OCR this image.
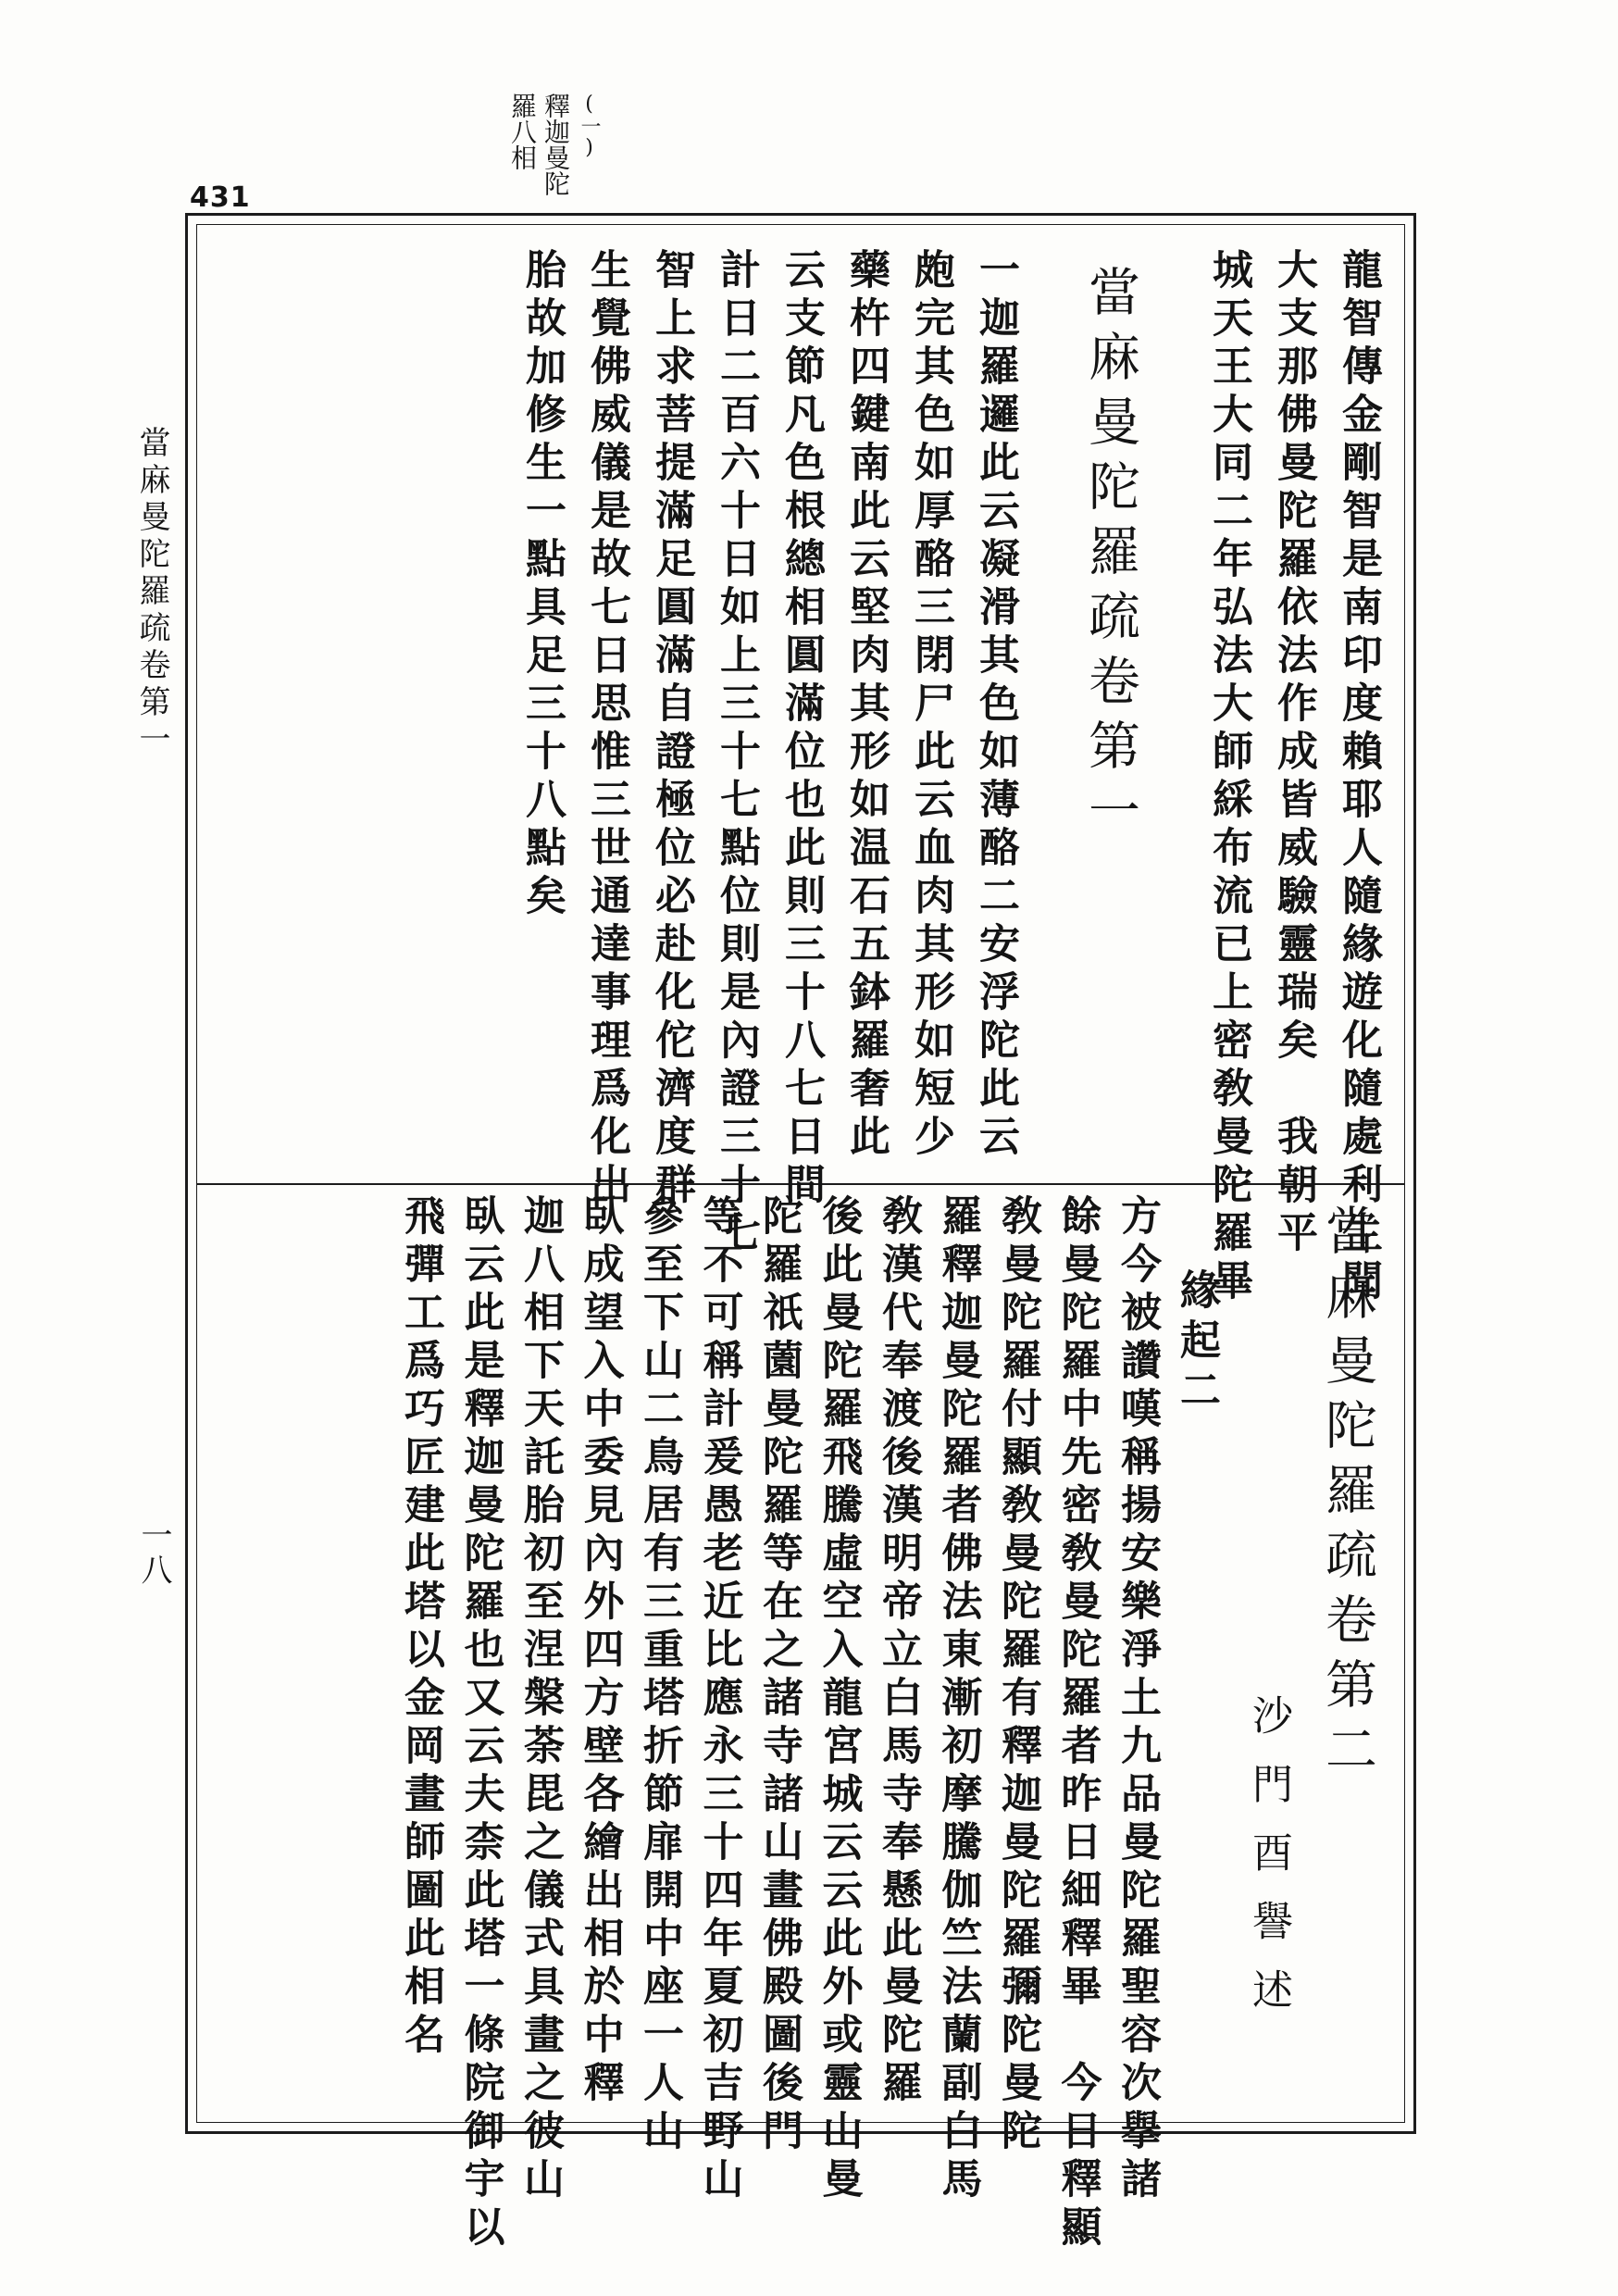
431
(一)
釋迦曼陀
羅八相
當麻曼陀羅疏卷第一
一八
龍智傳金剛智是南印度賴耶人隨緣遊化隨處利生聞
大支那佛曼陀羅依法作成皆威驗靈瑞矣　我朝平
城天王大同二年弘法大師綵布流已上密敎曼陀羅畢
當麻曼陀羅疏卷第一
一迦羅邏此云凝滑其色如薄酪二安浮陀此云
皰完其色如厚酪三閉尸此云血肉其形如短少
藥杵四鍵南此云堅肉其形如温石五鉢羅奢此
云支節凡色根總相圓滿位也此則三十八七日間
計日二百六十日如上三十七點位則是內證三十七
智上求菩提滿足圓滿自證極位必赴化佗濟度群
生覺佛威儀是故七日思惟三世通達事理爲化出
胎故加修生一點具足三十八點矣
當麻曼陀羅疏卷第二
緣起二
方今被讚嘆稱揚安樂淨土九品曼陀羅聖容次擧諸
餘曼陀羅中先密敎曼陀羅者昨日細釋畢　今日釋顯
敎曼陀羅付顯敎曼陀羅有釋迦曼陀羅彌陀曼陀
羅釋迦曼陀羅者佛法東漸初摩騰伽竺法蘭副白馬
敎漢代奉渡後漢明帝立白馬寺奉懸此曼陀羅
後此曼陀羅飛騰虛空入龍宮城云云此外或靈山曼
陀羅祇薗曼陀羅等在之諸寺諸山畫佛殿圖後門
等不可稱計爰愚老近比應永三十四年夏初吉野山
參至下山二鳥居有三重塔折節扉開中座一人山
臥成望入中委見內外四方壁各繪出相於中釋
迦八相下天託胎初至涅槃荼毘之儀式具畫之彼山
臥云此是釋迦曼陀羅也又云夫柰此塔一條院御宇以
飛彈工爲巧匠建此塔以金岡畫師圖此相名	沙門酉譽述
